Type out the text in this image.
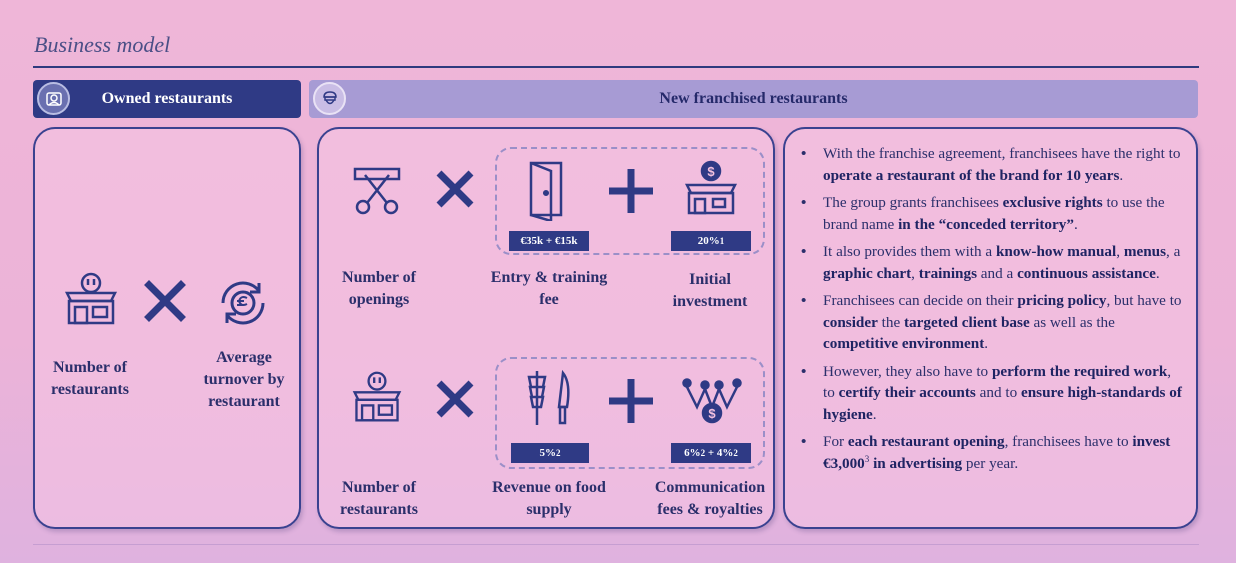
Business model
Owned restaurants	New franchised restaurants
Number of restaurants
Average turnover by restaurant
$
€35k + €15k	20% 1
Number of openings
Entry & training fee
Initial investment
$
5% 2	6% 2 + 4% 2
Number of restaurants
Revenue on food supply
Communication fees & royalties
• With the franchise agreement, franchisees have the right to operate a restaurant of the brand for 10 years.
• The group grants franchisees exclusive rights to use the brand name in the “conceded territory”.
• It also provides them with a know-how manual, menus, a graphic chart, trainings and a continuous assistance.
• Franchisees can decide on their pricing policy, but have to consider the targeted client base as well as the competitive environment.
• However, they also have to perform the required work, to certify their accounts and to ensure high-standards of hygiene.
• For each restaurant opening, franchisees have to invest €3,000$^3$ in advertising per year.
